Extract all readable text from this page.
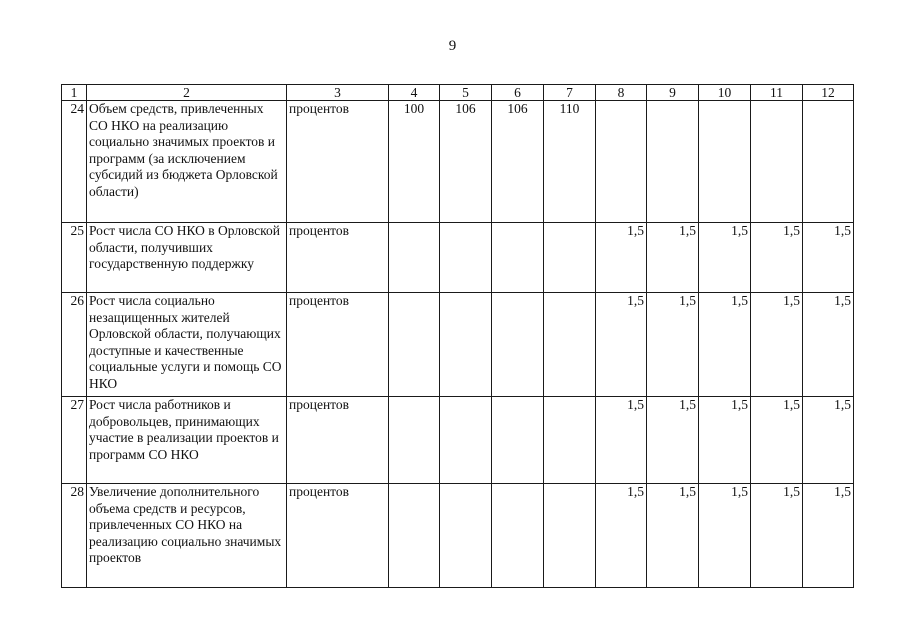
9
1	2	3	4	5	6	7	8	9	10	11	12
24	Объем средств, привлеченных СО НКО на реализацию социально значимых проектов и программ (за исключением субсидий из бюджета Орловской области)	процентов	100	106	106	110					
25	Рост числа СО НКО в Орловской области, получивших государственную поддержку	процентов					1,5	1,5	1,5	1,5	1,5
26	Рост числа социально незащищенных жителей Орловской области, получающих доступные и качественные социальные услуги и помощь СО НКО	процентов					1,5	1,5	1,5	1,5	1,5
27	Рост числа работников и добровольцев, принимающих участие в реализации проектов и программ СО НКО	процентов					1,5	1,5	1,5	1,5	1,5
28	Увеличение дополнительного объема средств и ресурсов, привлеченных СО НКО на реализацию социально значимых проектов	процентов					1,5	1,5	1,5	1,5	1,5
